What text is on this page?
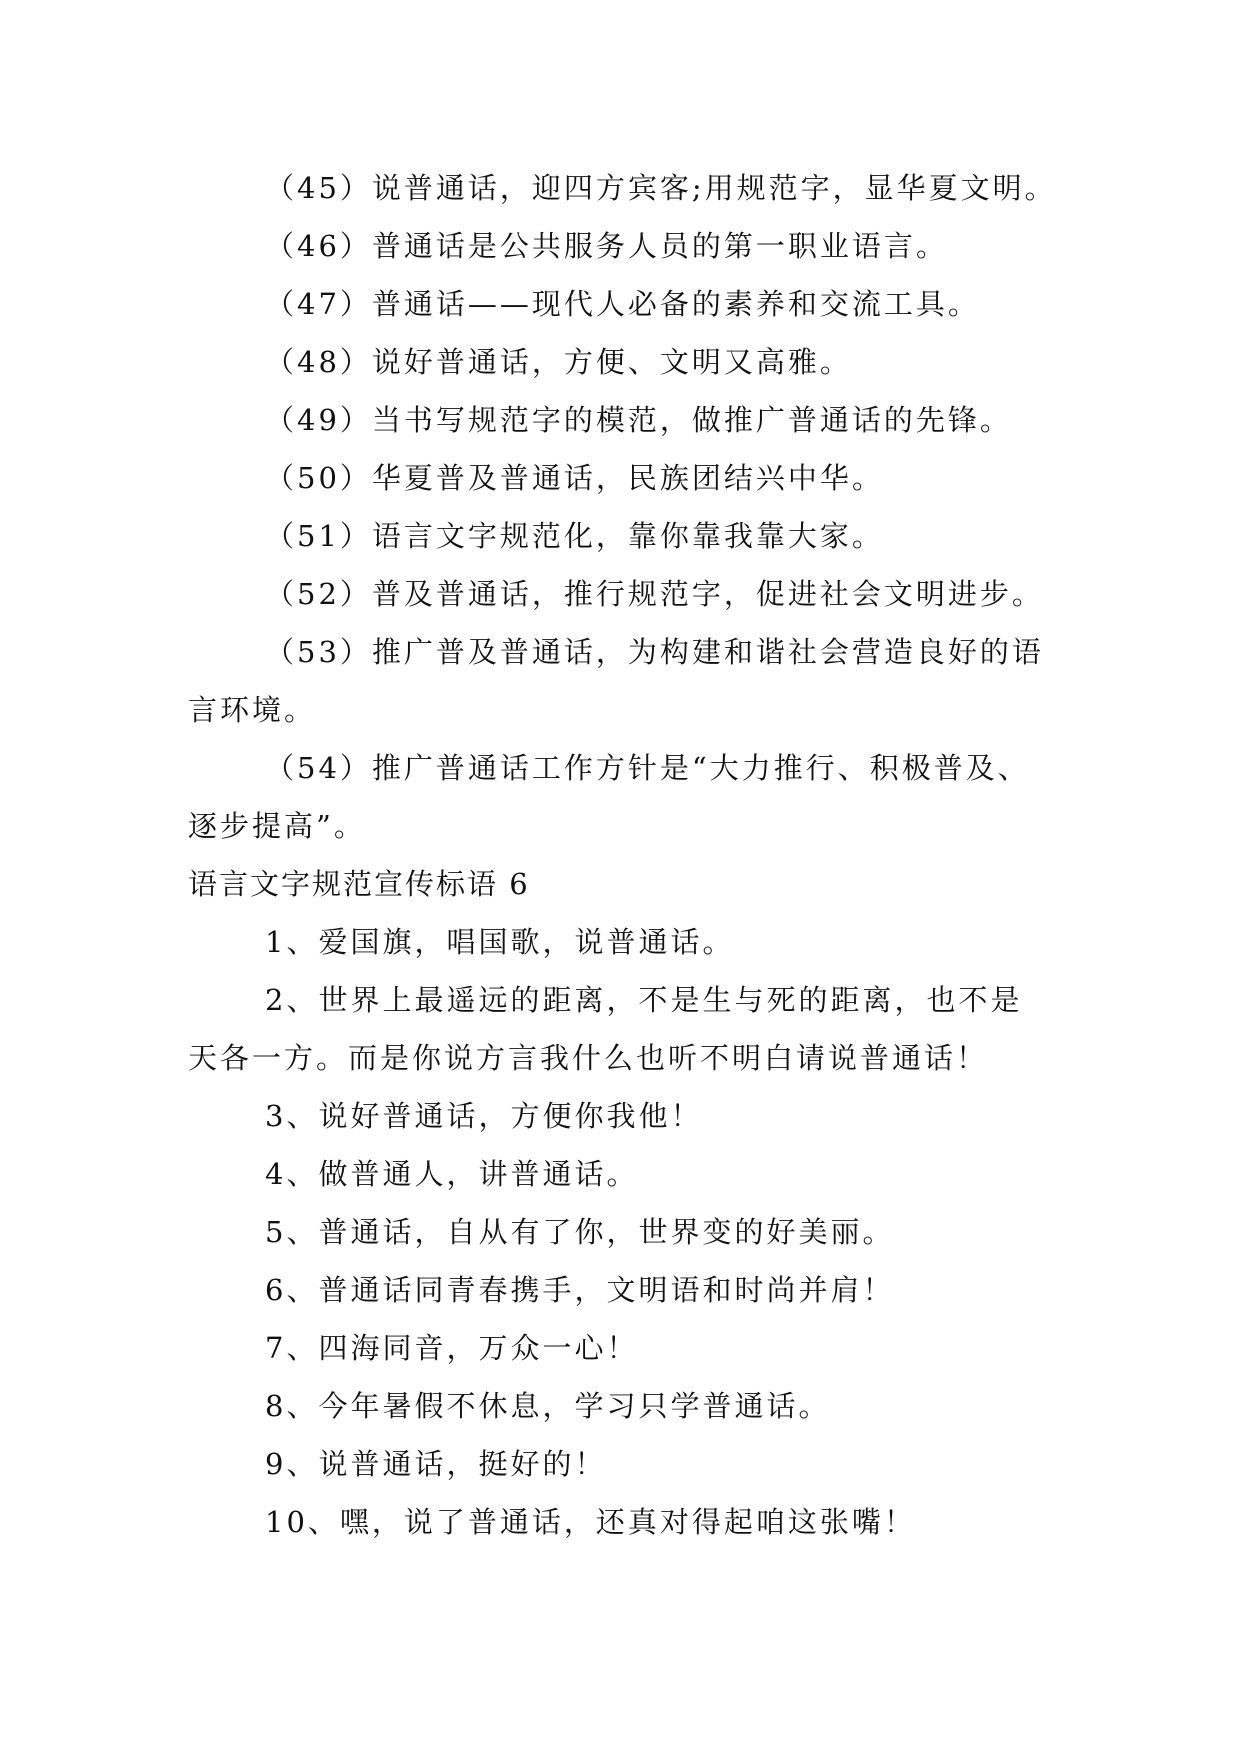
（45）说普通话，迎四方宾客;用规范字，显华夏文明。
（46）普通话是公共服务人员的第一职业语言。
（47）普通话——现代人必备的素养和交流工具。
（48）说好普通话，方便、文明又高雅。
（49）当书写规范字的模范，做推广普通话的先锋。
（50）华夏普及普通话，民族团结兴中华。
（51）语言文字规范化，靠你靠我靠大家。
（52）普及普通话，推行规范字，促进社会文明进步。
（53）推广普及普通话，为构建和谐社会营造良好的语
言环境。
（54）推广普通话工作方针是“大力推行、积极普及、
逐步提高”。
语言文字规范宣传标语 6
1、爱国旗，唱国歌，说普通话。
2、世界上最遥远的距离，不是生与死的距离，也不是
天各一方。而是你说方言我什么也听不明白请说普通话！
3、说好普通话，方便你我他！
4、做普通人，讲普通话。
5、普通话，自从有了你，世界变的好美丽。
6、普通话同青春携手，文明语和时尚并肩！
7、四海同音，万众一心！
8、今年暑假不休息，学习只学普通话。
9、说普通话，挺好的！
10、嘿，说了普通话，还真对得起咱这张嘴！
